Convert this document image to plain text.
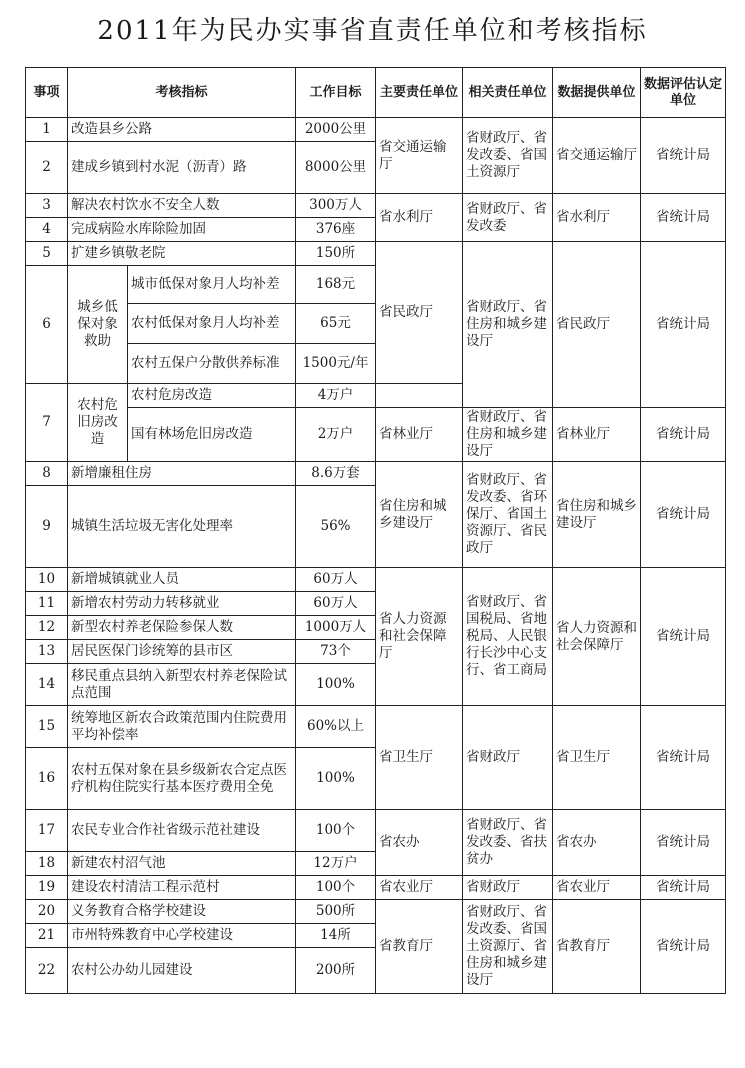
2011年为民办实事省直责任单位和考核指标
事项	考核指标		工作目标	主要责任单位	相关责任单位	数据提供单位	数据评估认定单位
1	改造县乡公路		2000公里	省交通运输厅	省财政厅、省发改委、省国土资源厅	省交通运输厅	省统计局
2	建成乡镇到村水泥（沥青）路		8000公里				
3	解决农村饮水不安全人数		300万人	省水利厅	省财政厅、省发改委	省水利厅	省统计局
4	完成病险水库除险加固		376座				
5	扩建乡镇敬老院		150所	省民政厅	省财政厅、省住房和城乡建设厅	省民政厅	省统计局
6	城乡低保对象救助	城市低保对象月人均补差	168元				
		农村低保对象月人均补差	65元				
		农村五保户分散供养标准	1500元/年				
7	农村危旧房改造	农村危房改造	4万户				
		国有林场危旧房改造	2万户	省林业厅	省财政厅、省住房和城乡建设厅	省林业厅	省统计局
8	新增廉租住房		8.6万套	省住房和城乡建设厅	省财政厅、省发改委、省环保厅、省国土资源厅、省民政厅	省住房和城乡建设厅	省统计局
9	城镇生活垃圾无害化处理率		56%				
10	新增城镇就业人员		60万人	省人力资源和社会保障厅	省财政厅、省国税局、省地税局、人民银行长沙中心支行、省工商局	省人力资源和社会保障厅	省统计局
11	新增农村劳动力转移就业		60万人				
12	新型农村养老保险参保人数		1000万人				
13	居民医保门诊统筹的县市区		73个				
14	移民重点县纳入新型农村养老保险试点范围		100%				
15	统筹地区新农合政策范围内住院费用平均补偿率		60%以上	省卫生厅	省财政厅	省卫生厅	省统计局
16	农村五保对象在县乡级新农合定点医疗机构住院实行基本医疗费用全免		100%				
17	农民专业合作社省级示范社建设		100个	省农办	省财政厅、省发改委、省扶贫办	省农办	省统计局
18	新建农村沼气池		12万户				
19	建设农村清洁工程示范村		100个	省农业厅	省财政厅	省农业厅	省统计局
20	义务教育合格学校建设		500所	省教育厅	省财政厅、省发改委、省国土资源厅、省住房和城乡建设厅	省教育厅	省统计局
21	市州特殊教育中心学校建设		14所				
22	农村公办幼儿园建设		200所				
